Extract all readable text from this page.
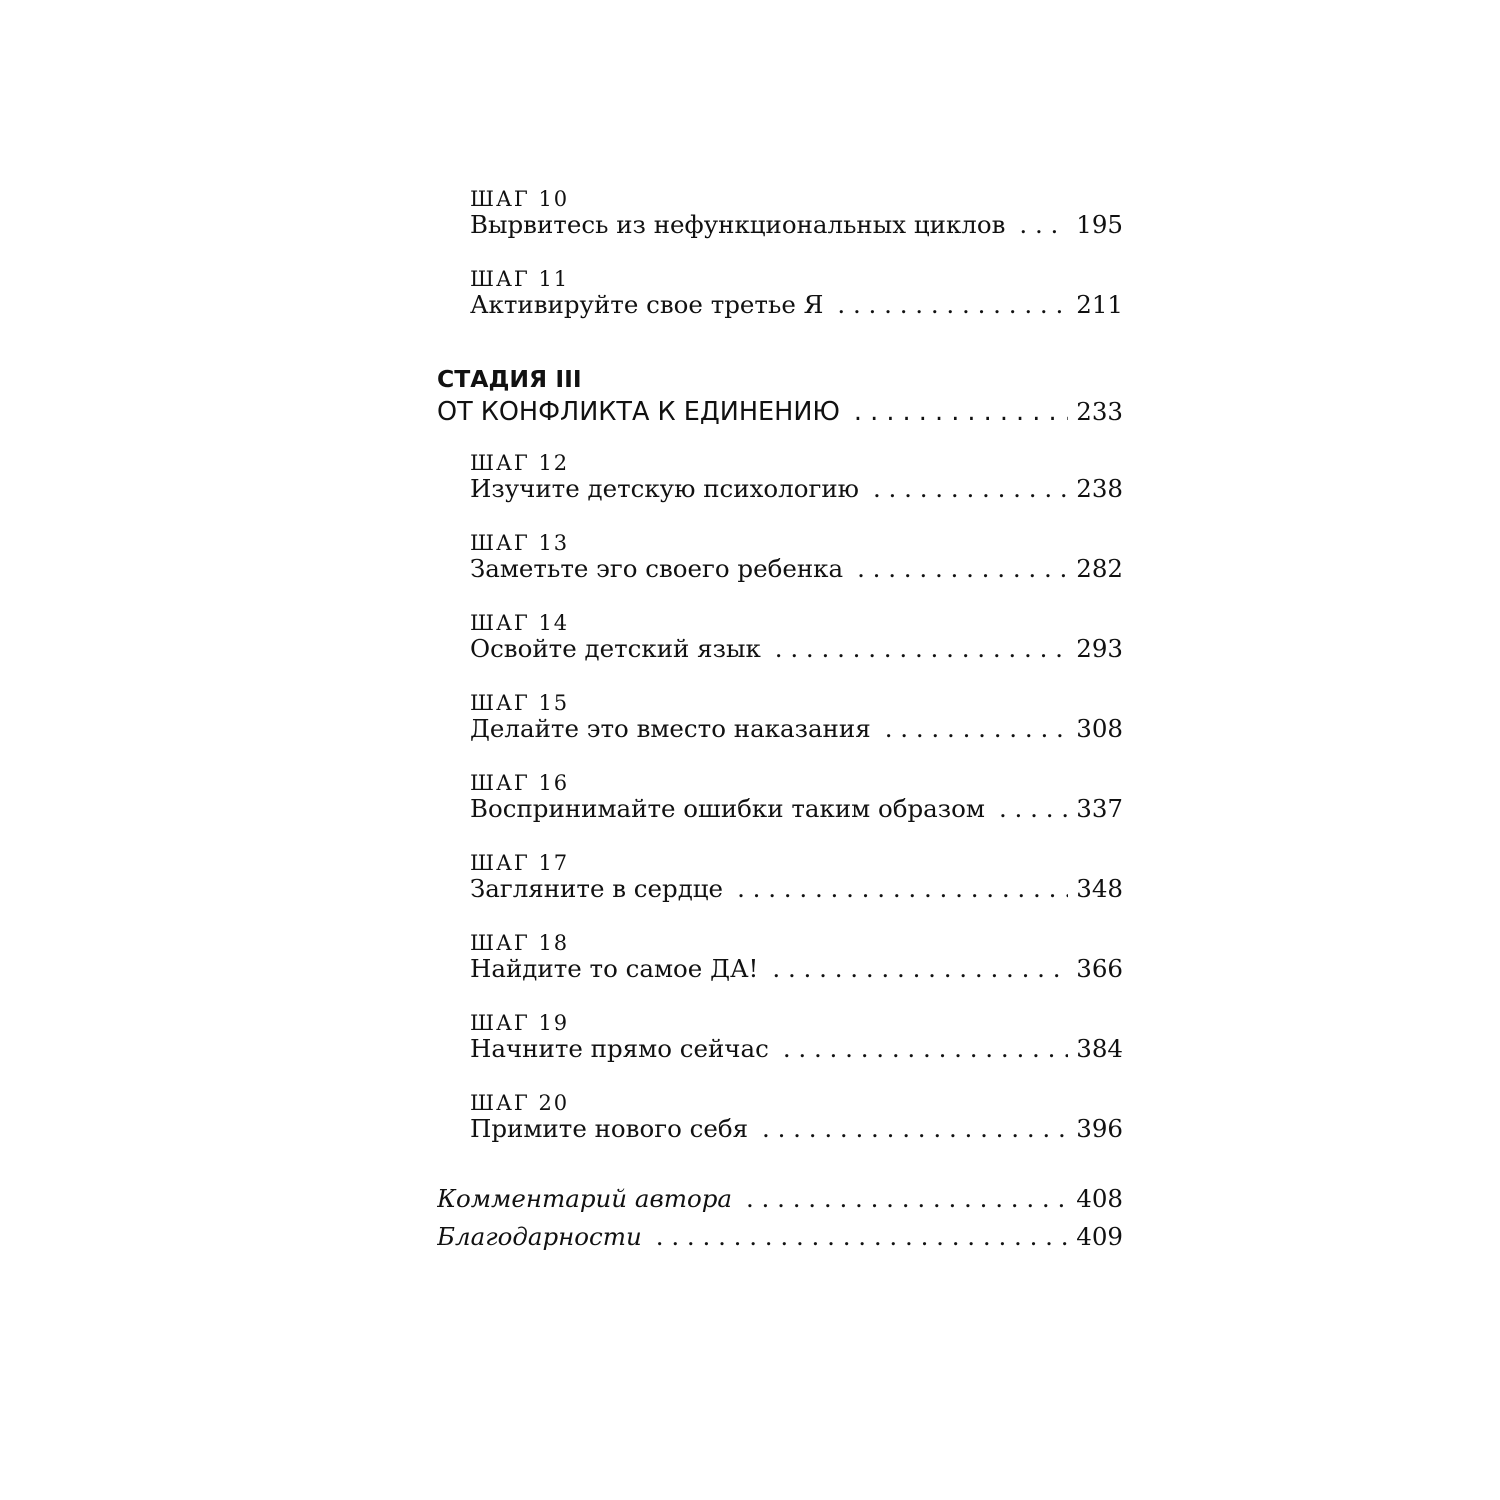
ШАГ 10
Вырвитесь из нефункциональных циклов . . .	195
ШАГ 11
Активируйте свое третье Я . . .	211
СТАДИЯ III
ОТ КОНФЛИКТА К ЕДИНЕНИЮ . . .	233
ШАГ 12
Изучите детскую психологию . . .	238
ШАГ 13
Заметьте эго своего ребенка . . .	282
ШАГ 14
Освойте детский язык . . .	293
ШАГ 15
Делайте это вместо наказания . . .	308
ШАГ 16
Воспринимайте ошибки таким образом . . .	337
ШАГ 17
Загляните в сердце . . .	348
ШАГ 18
Найдите то самое ДА! . . .	366
ШАГ 19
Начните прямо сейчас . . .	384
ШАГ 20
Примите нового себя . . .	396
Комментарий автора . . .	408
Благодарности . . .	409
